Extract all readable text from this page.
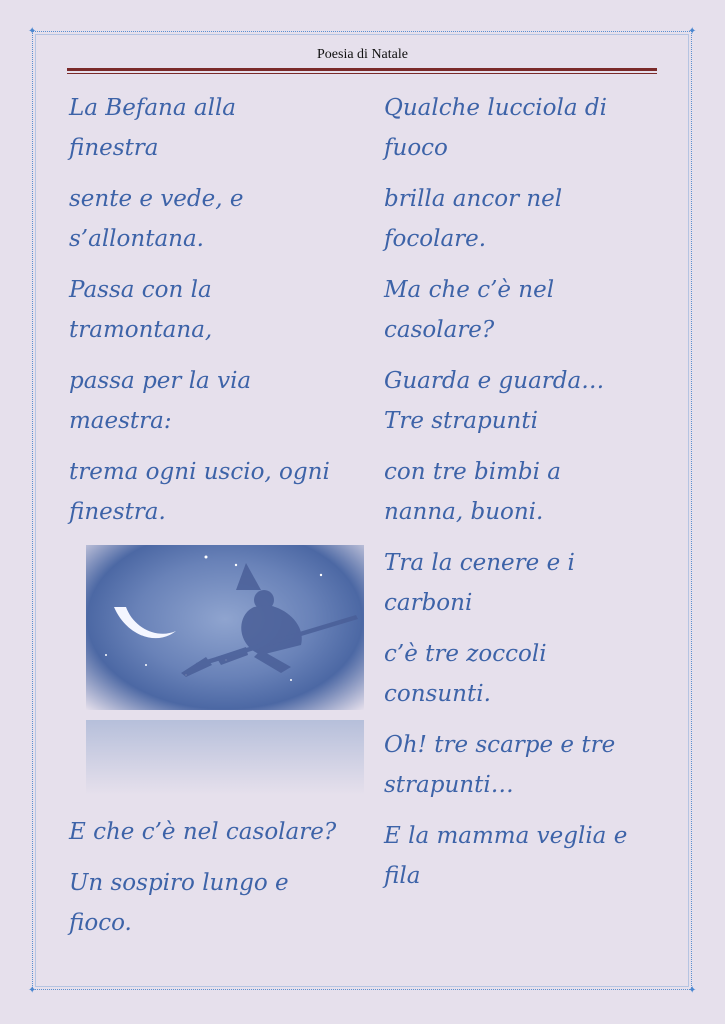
✦	✦
✦	✦
Poesia di Natale

La Befana alla
finestra

sente e vede, e
s’allontana.

Passa con la
tramontana,

passa per la via
maestra:

trema ogni uscio, ogni
finestra.

E che c’è nel casolare?

Un sospiro lungo e
fioco.

Qualche lucciola di
fuoco

brilla ancor nel
focolare.

Ma che c’è nel
casolare?

Guarda e guarda…
Tre strapunti

con tre bimbi a
nanna, buoni.

Tra la cenere e i
carboni

c’è tre zoccoli
consunti.

Oh! tre scarpe e tre
strapunti…

E la mamma veglia e
fila
